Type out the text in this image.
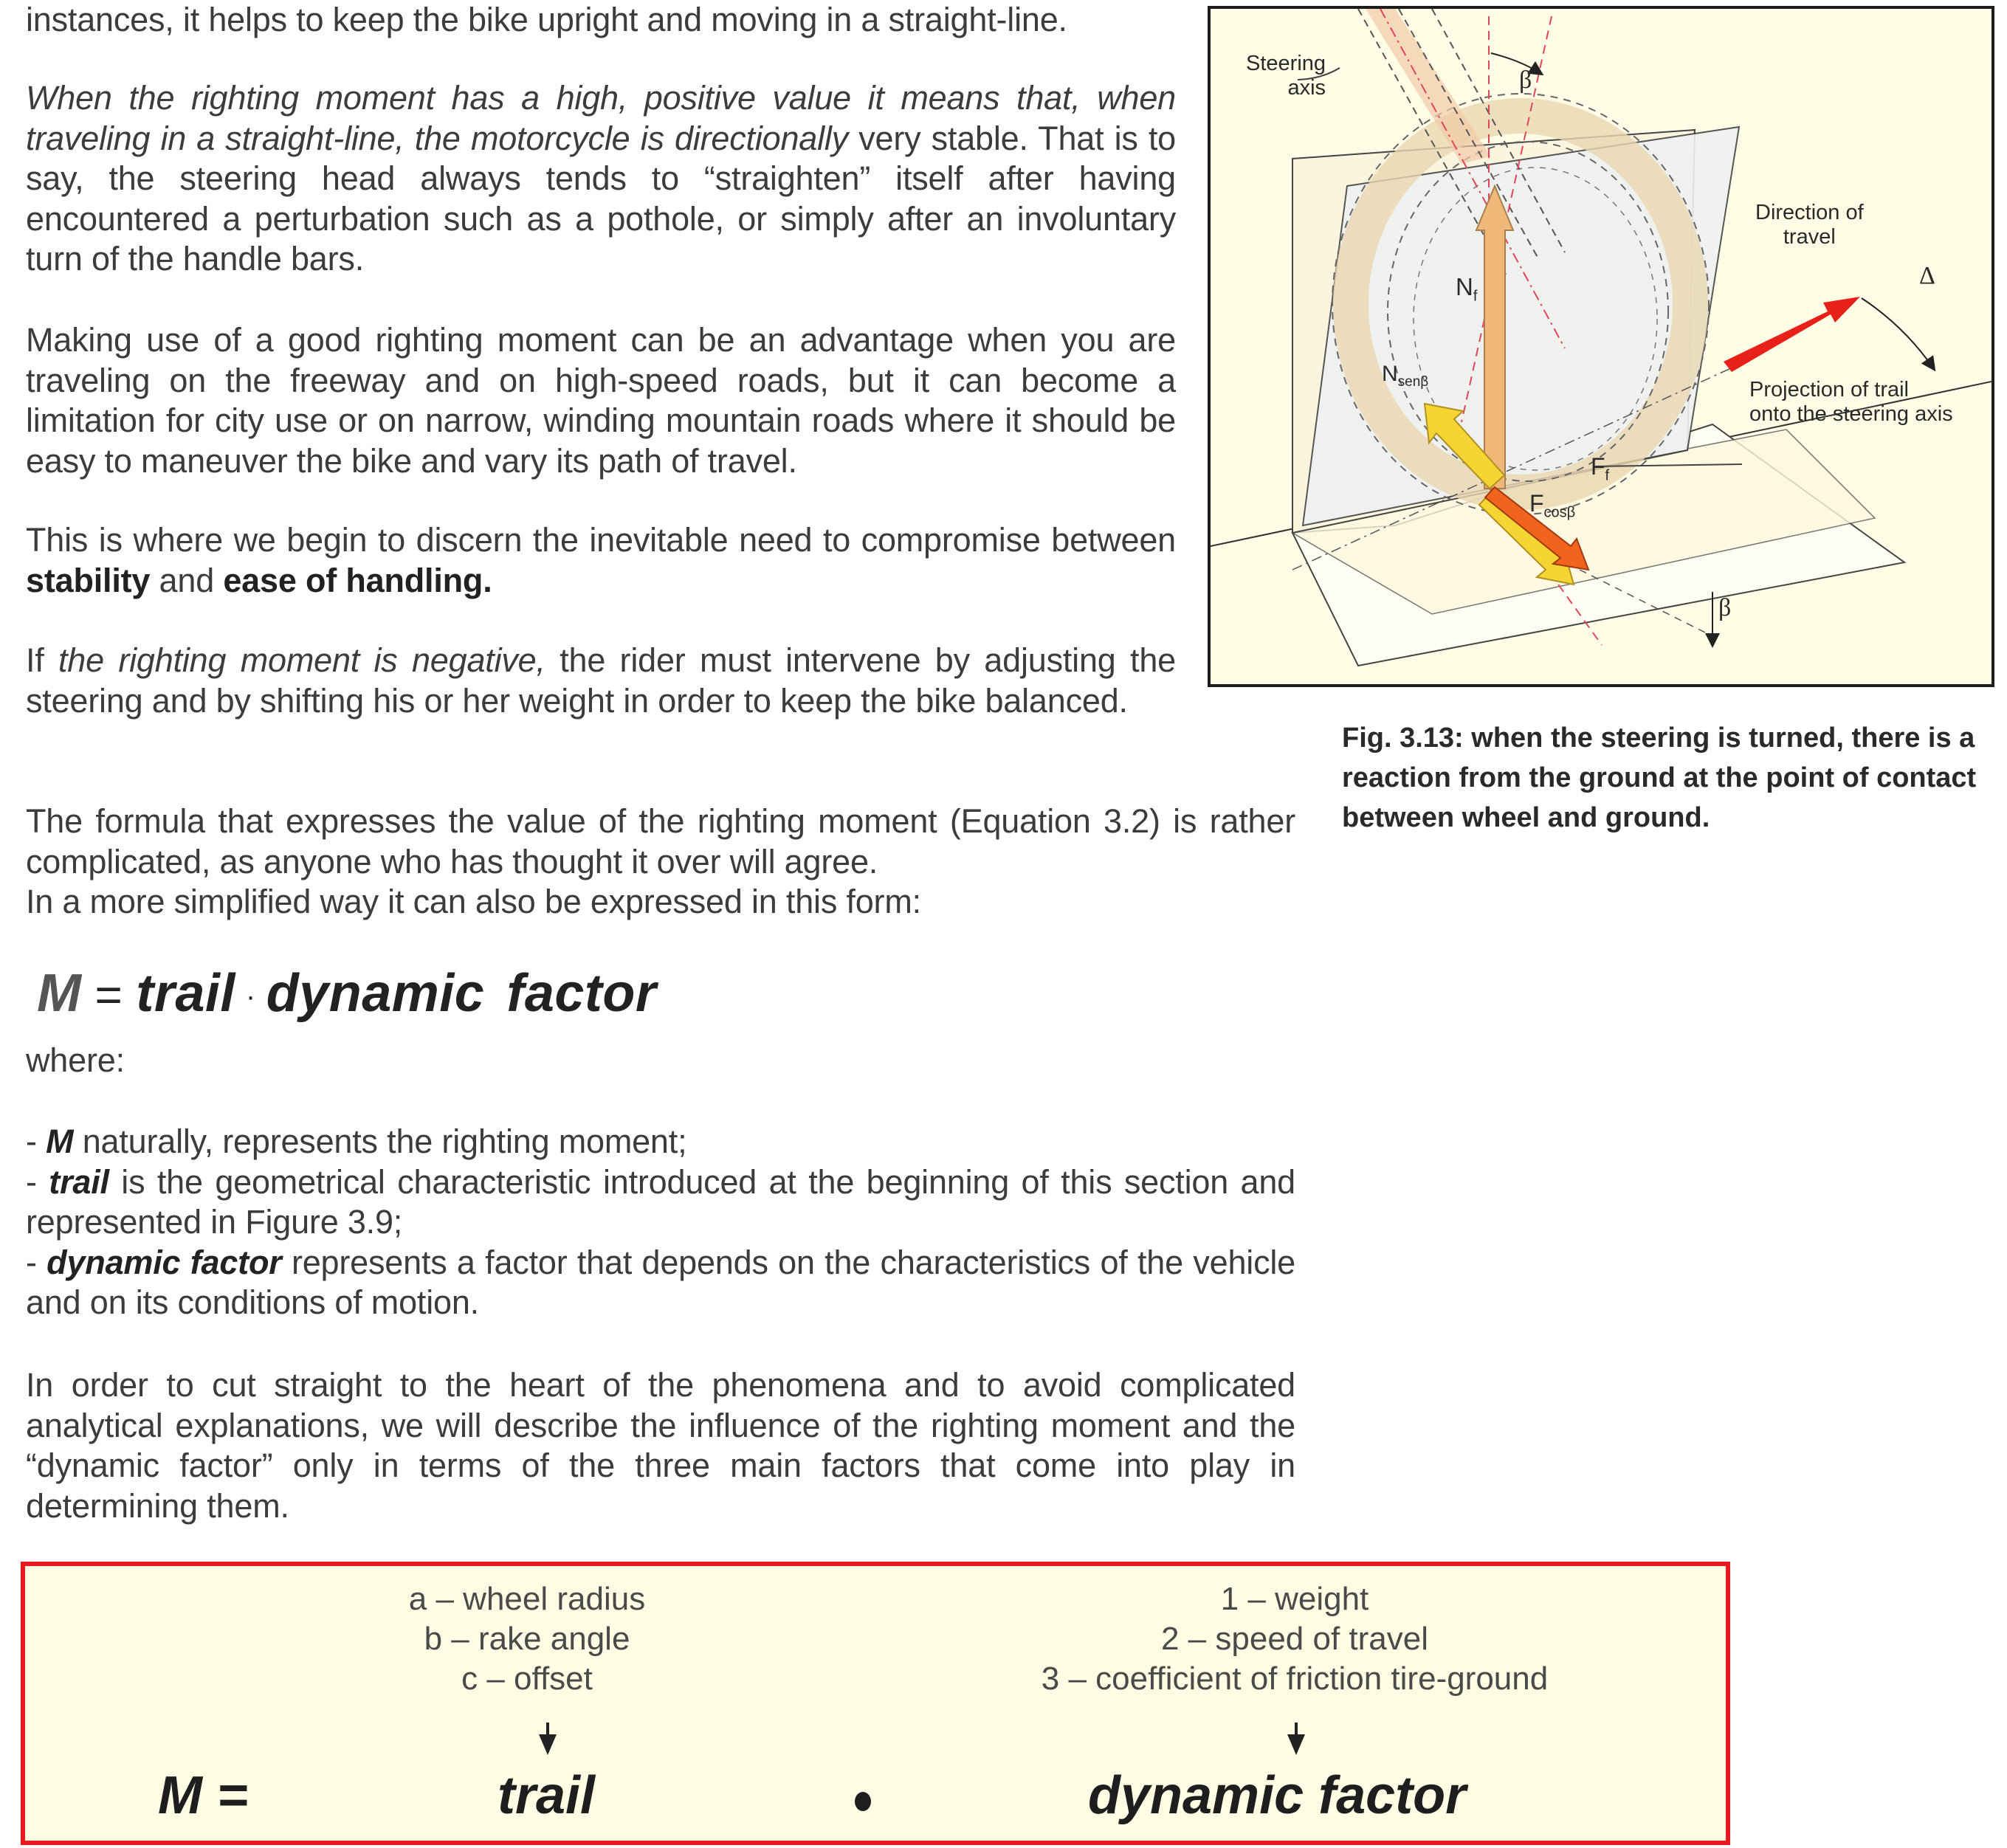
instances, it helps to keep the bike upright and moving in a straight-line.

When the righting moment has a high, positive value it means that, when traveling in a straight-line, the motorcycle is directionally very stable. That is to say, the steering head always tends to “straighten” itself after having encountered a perturbation such as a pothole, or simply after an involuntary turn of the handle bars.

Making use of a good righting moment can be an advantage when you are traveling on the freeway and on high-speed roads, but it can become a limitation for city use or on narrow, winding mountain roads where it should be easy to maneuver the bike and vary its path of travel.

This is where we begin to discern the inevitable need to compromise between stability and ease of handling.

If the righting moment is negative, the rider must intervene by adjusting the steering and by shifting his or her weight in order to keep the bike balanced.

The formula that expresses the value of the righting moment (Equation 3.2) is rather complicated, as anyone who has thought it over will agree.

In a more simplified way it can also be expressed in this form:

M = trail · dynamic factor

where:

- M naturally, represents the righting moment;

- trail is the geometrical characteristic introduced at the beginning of this section and represented in Figure 3.9;

- dynamic factor represents a factor that depends on the characteristics of the vehicle and on its conditions of motion.

In order to cut straight to the heart of the phenomena and to avoid complicated analytical explanations, we will describe the influence of the righting moment and the “dynamic factor” only in terms of the three main factors that come into play in determining them.

Steering
axis	β
Direction of
travel
Δ
$N_f$
$N_{sen\beta}$
$F_f$
$F_{cos\beta}$
Projection of trail
onto the steering axis
β
Fig. 3.13: when the steering is turned, there is a reaction from the ground at the point of contact between wheel and ground.
a – wheel radius
b – rake angle
c – offset
1 – weight
2 – speed of travel
3 – coefficient of friction tire-ground
M =	trail	dynamic factor
